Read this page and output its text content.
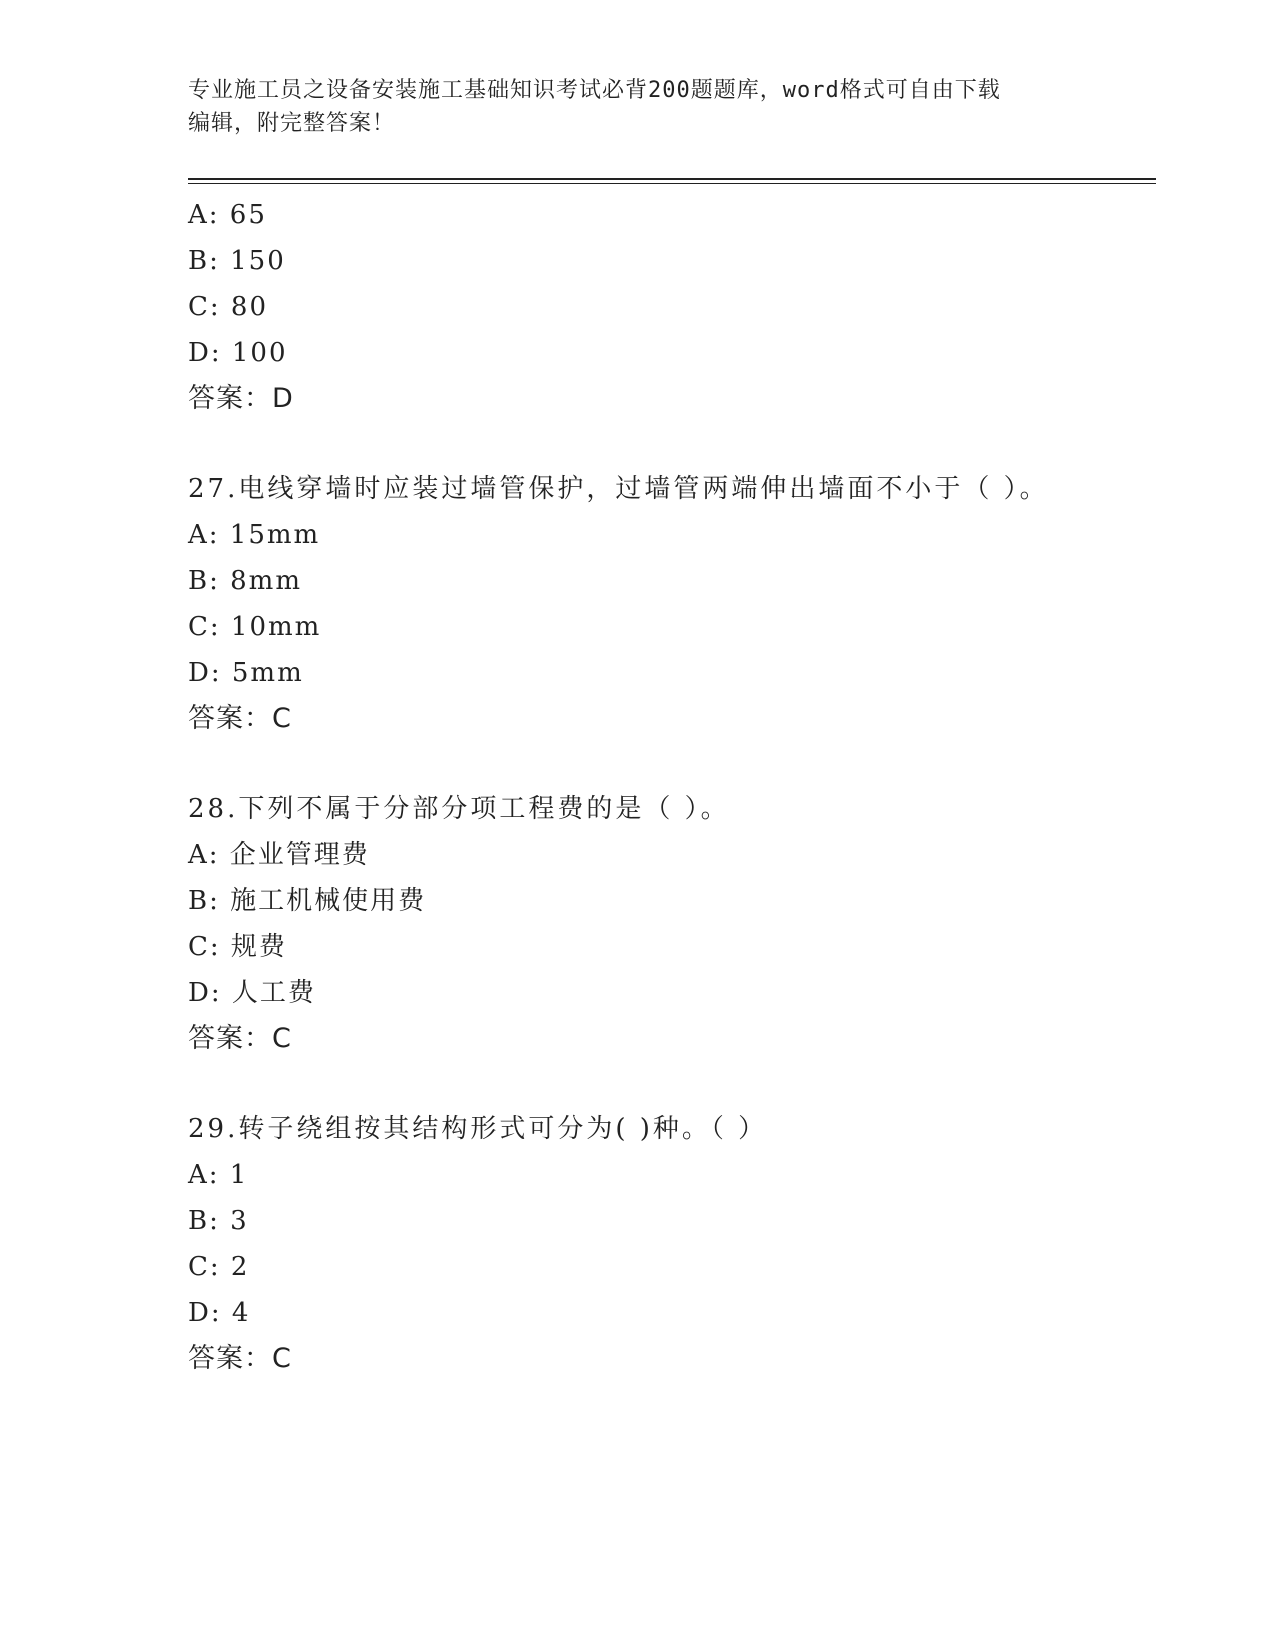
专业施工员之设备安装施工基础知识考试必背200题题库，word格式可自由下载
编辑，附完整答案！
A: 65
B: 150
C: 80
D: 100
答案：D
27.电线穿墙时应装过墙管保护，过墙管两端伸出墙面不小于（ ）。
A: 15mm
B: 8mm
C: 10mm
D: 5mm
答案：C
28.下列不属于分部分项工程费的是（ ）。
A: 企业管理费
B: 施工机械使用费
C: 规费
D: 人工费
答案：C
29.转子绕组按其结构形式可分为( )种。（ ）
A: 1
B: 3
C: 2
D: 4
答案：C
